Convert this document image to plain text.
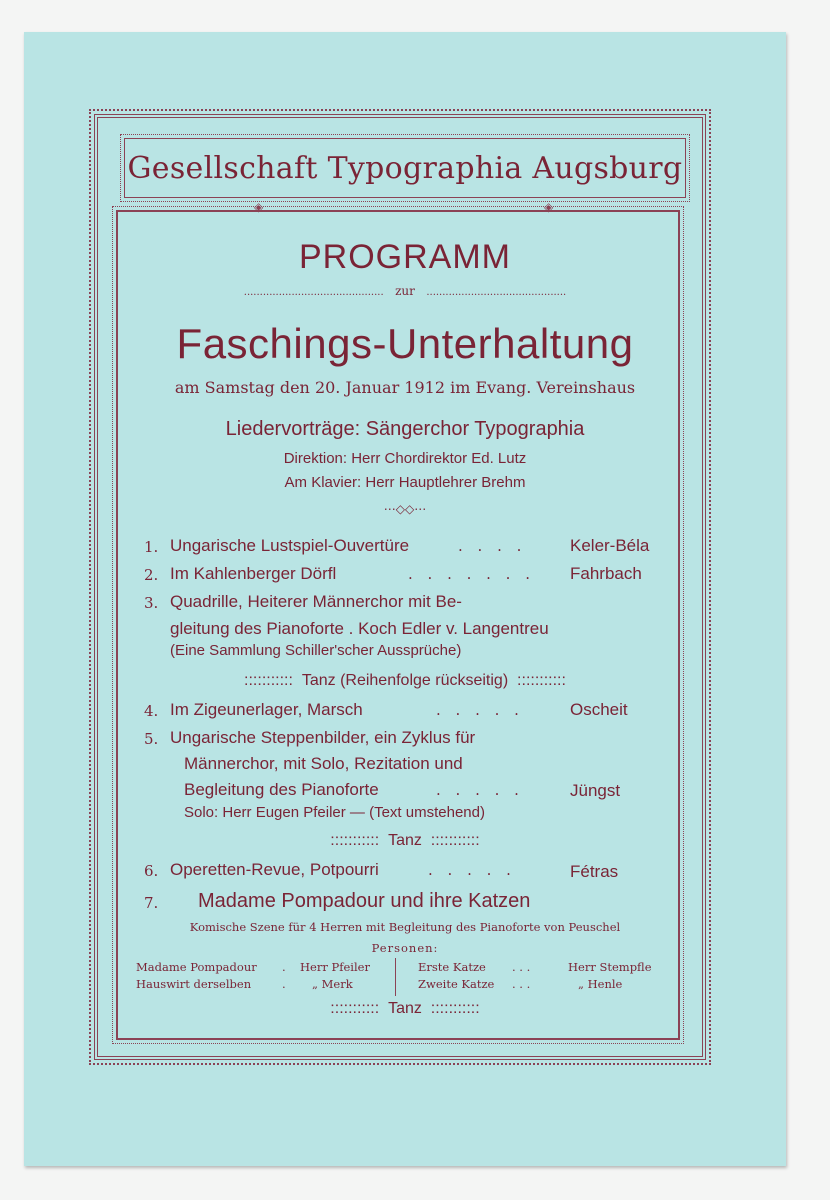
Gesellschaft Typographia Augsburg
◈	◈
PROGRAMM
............................................ zur ............................................
Faschings-Unterhaltung
am Samstag den 20. Januar 1912 im Evang. Vereinshaus
Liedervorträge: Sängerchor Typographia
Direktion: Herr Chordirektor Ed. Lutz
Am Klavier: Herr Hauptlehrer Brehm
⋯◇◇⋯
1. Ungarische Lustspiel-Ouvertüre	. . . .	Keler-Béla
2. Im Kahlenberger Dörfl	. . . . . . . Fahrbach
3. Quadrille, Heiterer Männerchor mit Be-
gleitung des Pianoforte . Koch Edler v. Langentreu
(Eine Sammlung Schiller'scher Aussprüche)
::::::::::: Tanz (Reihenfolge rückseitig) :::::::::::
4. Im Zigeunerlager, Marsch	. . . . .	Oscheit
5. Ungarische Steppenbilder, ein Zyklus für
Männerchor, mit Solo, Rezitation und
Begleitung des Pianoforte	. . . . .	Jüngst
Solo: Herr Eugen Pfeiler — (Text umstehend)
::::::::::: Tanz :::::::::::
6. Operetten-Revue, Potpourri	. . . . .	Fétras
7. Madame Pompadour und ihre Katzen
Komische Szene für 4 Herren mit Begleitung des Pianoforte von Peuschel
Personen:
Madame Pompadour . Herr Pfeiler
Hauswirt derselben	. „ Merk
Erste Katze . . .	Herr Stempfle
Zweite Katze . . .	„ Henle
::::::::::: Tanz :::::::::::
